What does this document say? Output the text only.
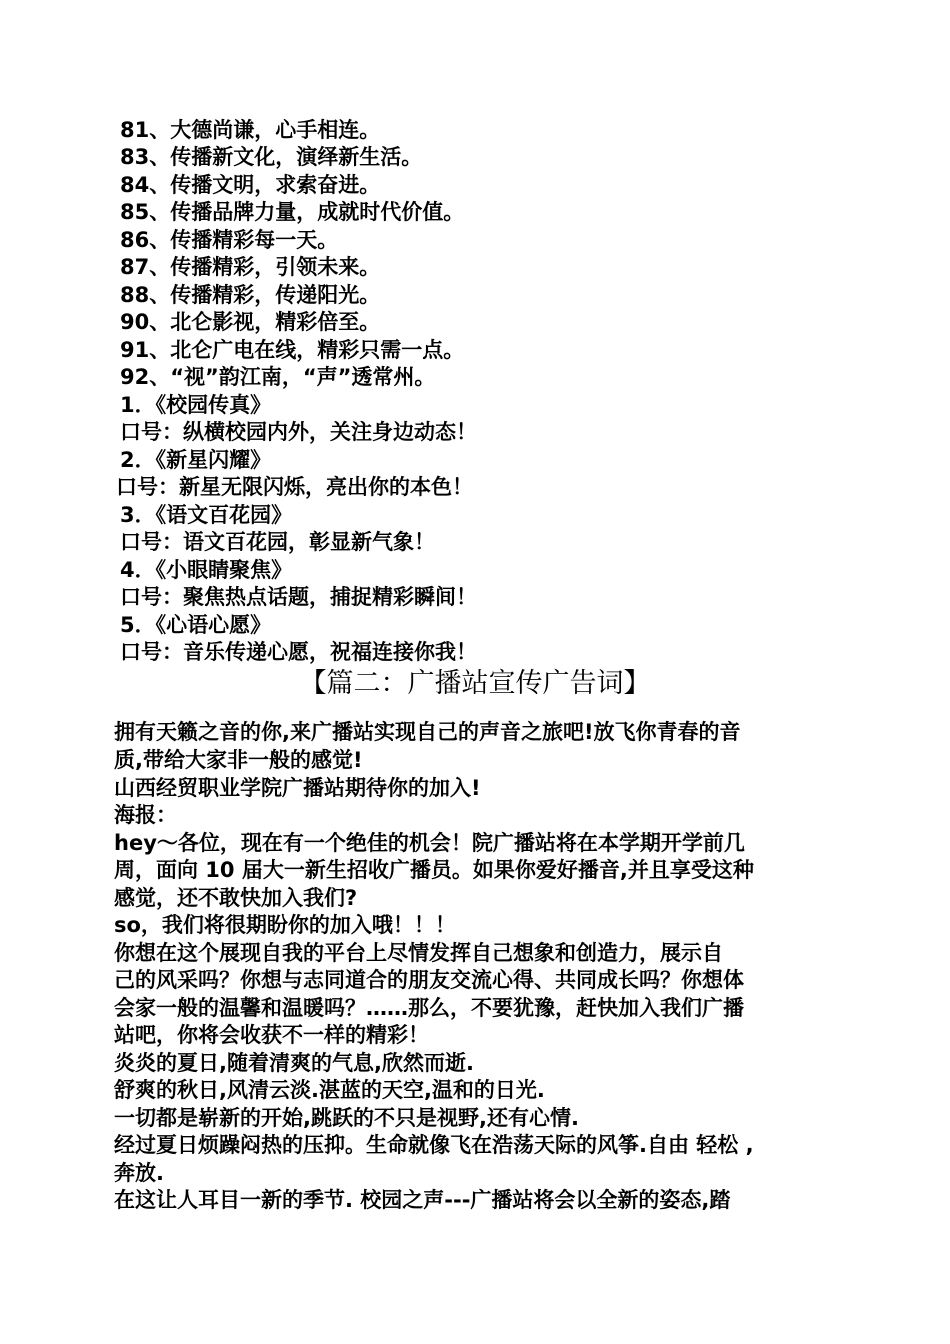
81、大德尚谦，心手相连。
83、传播新文化，演绎新生活。
84、传播文明，求索奋进。
85、传播品牌力量，成就时代价值。
86、传播精彩每一天。
87、传播精彩，引领未来。
88、传播精彩，传递阳光。
90、北仑影视，精彩倍至。
91、北仑广电在线，精彩只需一点。
92、“视”韵江南，“声”透常州。
1．《校园传真》
口号：纵横校园内外，关注身边动态！
2．《新星闪耀》
口号：新星无限闪烁，亮出你的本色！
3．《语文百花园》
口号：语文百花园，彰显新气象！
4．《小眼睛聚焦》
口号：聚焦热点话题，捕捉精彩瞬间！
5．《心语心愿》
口号：音乐传递心愿，祝福连接你我！
【篇二：广播站宣传广告词】
拥有天籁之音的你,来广播站实现自己的声音之旅吧!放飞你青春的音
质,带给大家非一般的感觉!
山西经贸职业学院广播站期待你的加入!
海报：
hey～各位，现在有一个绝佳的机会！院广播站将在本学期开学前几
周，面向 10 届大一新生招收广播员。如果你爱好播音,并且享受这种
感觉，还不敢快加入我们?
so，我们将很期盼你的加入哦！！！
你想在这个展现自我的平台上尽情发挥自己想象和创造力，展示自
己的风采吗？你想与志同道合的朋友交流心得、共同成长吗？你想体
会家一般的温馨和温暖吗？……那么，不要犹豫，赶快加入我们广播
站吧，你将会收获不一样的精彩！
炎炎的夏日,随着清爽的气息,欣然而逝.
舒爽的秋日,风清云淡.湛蓝的天空,温和的日光.
一切都是崭新的开始,跳跃的不只是视野,还有心情.
经过夏日烦躁闷热的压抑。生命就像飞在浩荡天际的风筝.自由 轻松 ,
奔放.
在这让人耳目一新的季节. 校园之声---广播站将会以全新的姿态,踏
